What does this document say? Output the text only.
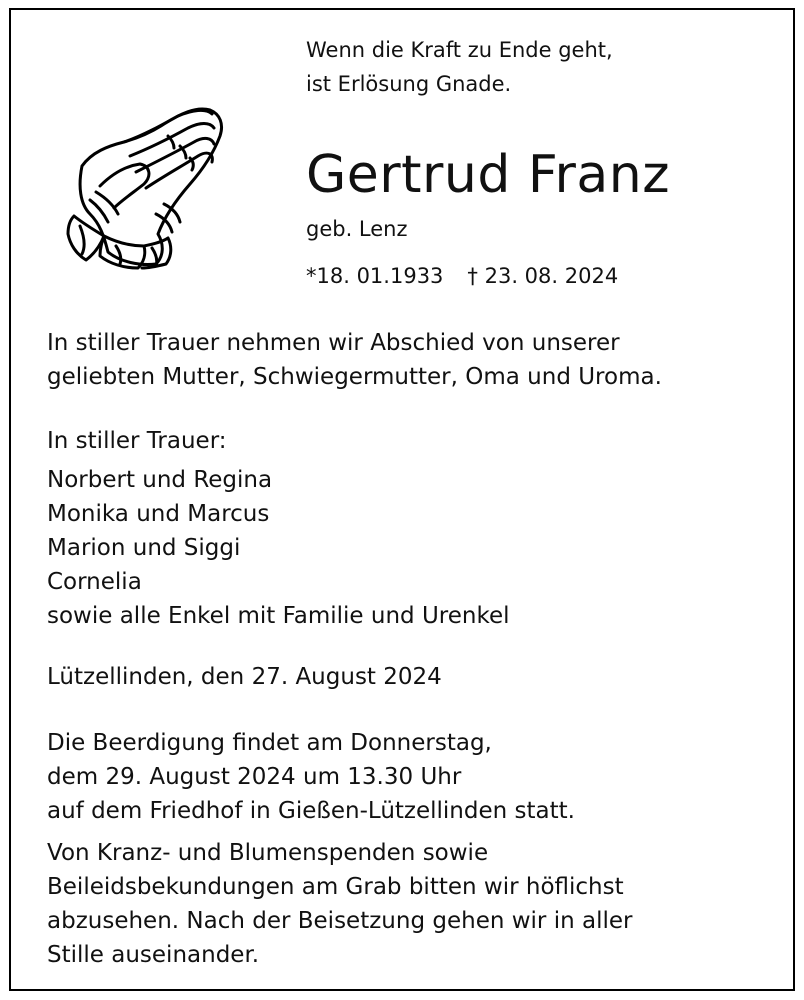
Wenn die Kraft zu Ende geht,
ist Erlösung Gnade.
Gertrud Franz
geb. Lenz
*18. 01.1933 † 23. 08. 2024
In stiller Trauer nehmen wir Abschied von unserer
geliebten Mutter, Schwiegermutter, Oma und Uroma.
In stiller Trauer:
Norbert und Regina
Monika und Marcus
Marion und Siggi
Cornelia
sowie alle Enkel mit Familie und Urenkel
Lützellinden, den 27. August 2024
Die Beerdigung findet am Donnerstag,
dem 29. August 2024 um 13.30 Uhr
auf dem Friedhof in Gießen-Lützellinden statt.
Von Kranz- und Blumenspenden sowie
Beileidsbekundungen am Grab bitten wir höflichst
abzusehen. Nach der Beisetzung gehen wir in aller
Stille auseinander.
